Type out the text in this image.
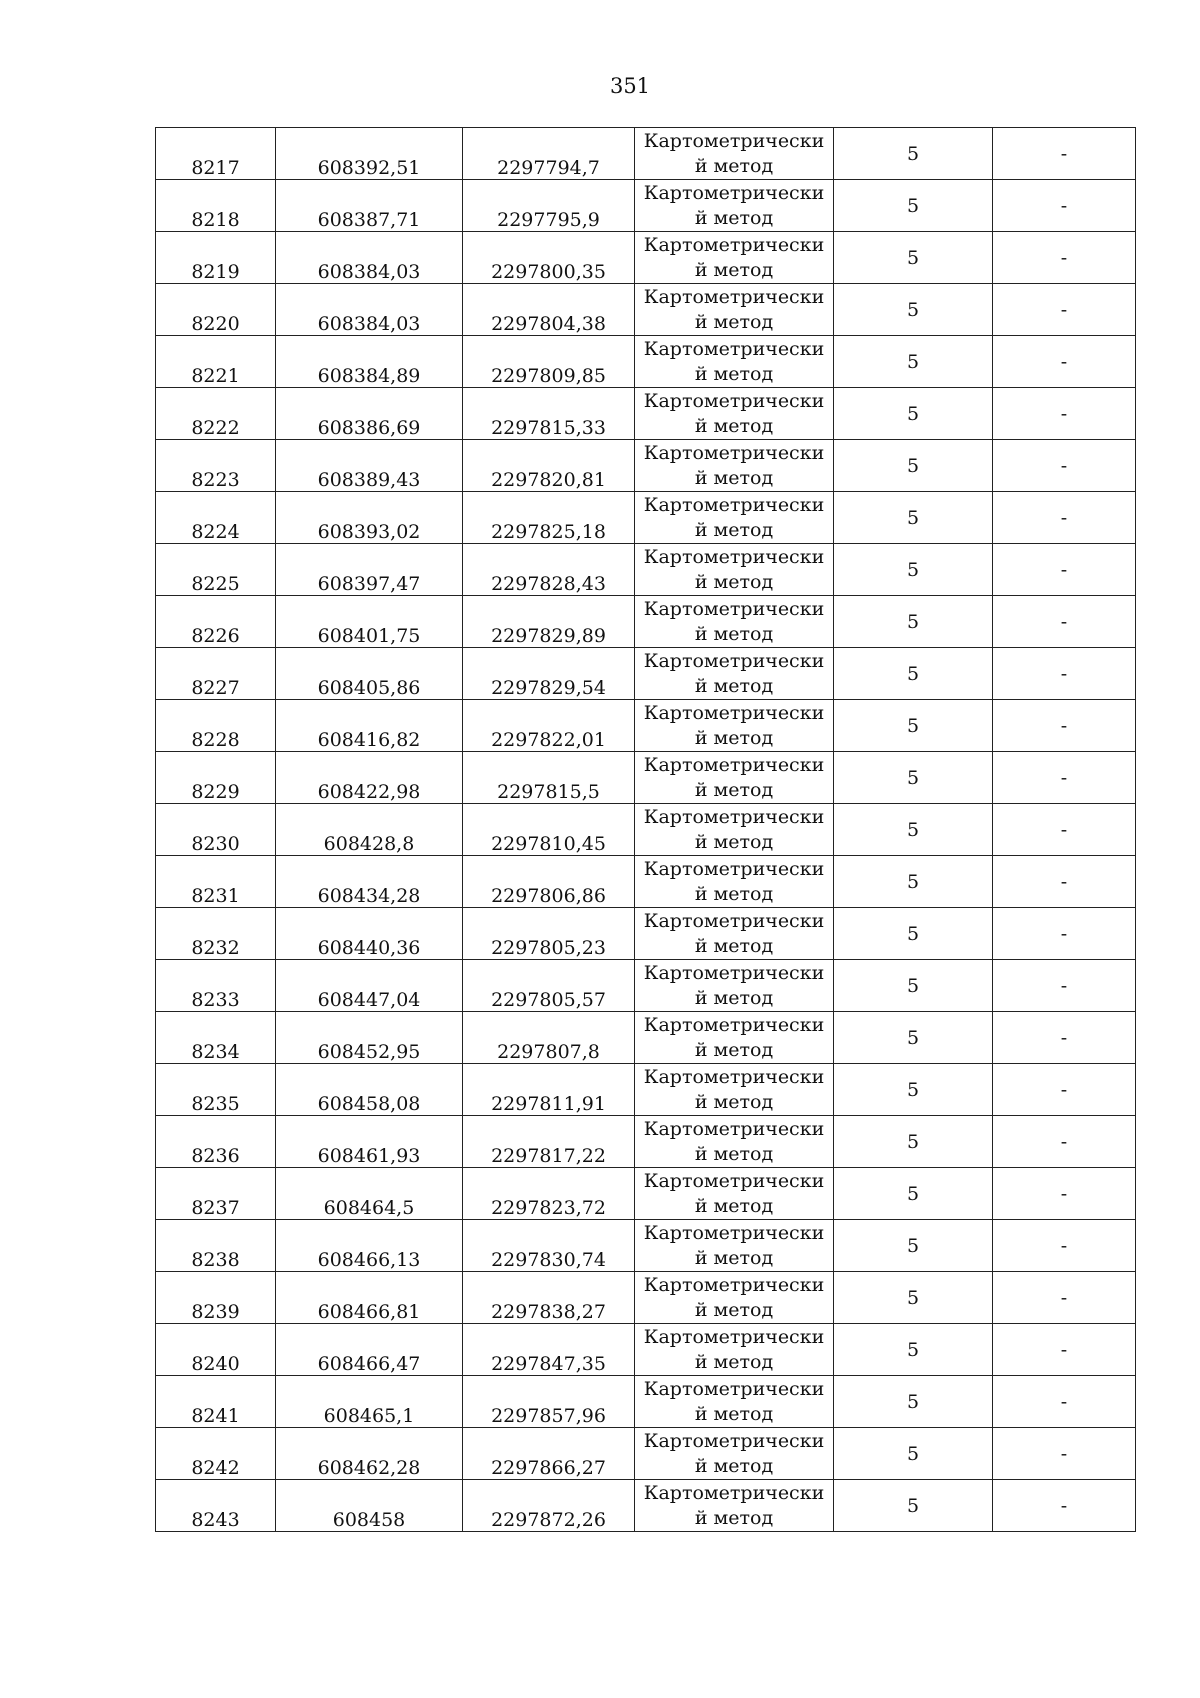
351
8217	608392,51	2297794,7	Картометрически й метод	5	-
8218	608387,71	2297795,9	Картометрически й метод	5	-
8219	608384,03	2297800,35	Картометрически й метод	5	-
8220	608384,03	2297804,38	Картометрически й метод	5	-
8221	608384,89	2297809,85	Картометрически й метод	5	-
8222	608386,69	2297815,33	Картометрически й метод	5	-
8223	608389,43	2297820,81	Картометрически й метод	5	-
8224	608393,02	2297825,18	Картометрически й метод	5	-
8225	608397,47	2297828,43	Картометрически й метод	5	-
8226	608401,75	2297829,89	Картометрически й метод	5	-
8227	608405,86	2297829,54	Картометрически й метод	5	-
8228	608416,82	2297822,01	Картометрически й метод	5	-
8229	608422,98	2297815,5	Картометрически й метод	5	-
8230	608428,8	2297810,45	Картометрически й метод	5	-
8231	608434,28	2297806,86	Картометрически й метод	5	-
8232	608440,36	2297805,23	Картометрически й метод	5	-
8233	608447,04	2297805,57	Картометрически й метод	5	-
8234	608452,95	2297807,8	Картометрически й метод	5	-
8235	608458,08	2297811,91	Картометрически й метод	5	-
8236	608461,93	2297817,22	Картометрически й метод	5	-
8237	608464,5	2297823,72	Картометрически й метод	5	-
8238	608466,13	2297830,74	Картометрически й метод	5	-
8239	608466,81	2297838,27	Картометрически й метод	5	-
8240	608466,47	2297847,35	Картометрически й метод	5	-
8241	608465,1	2297857,96	Картометрически й метод	5	-
8242	608462,28	2297866,27	Картометрически й метод	5	-
8243	608458	2297872,26	Картометрически й метод	5	-
